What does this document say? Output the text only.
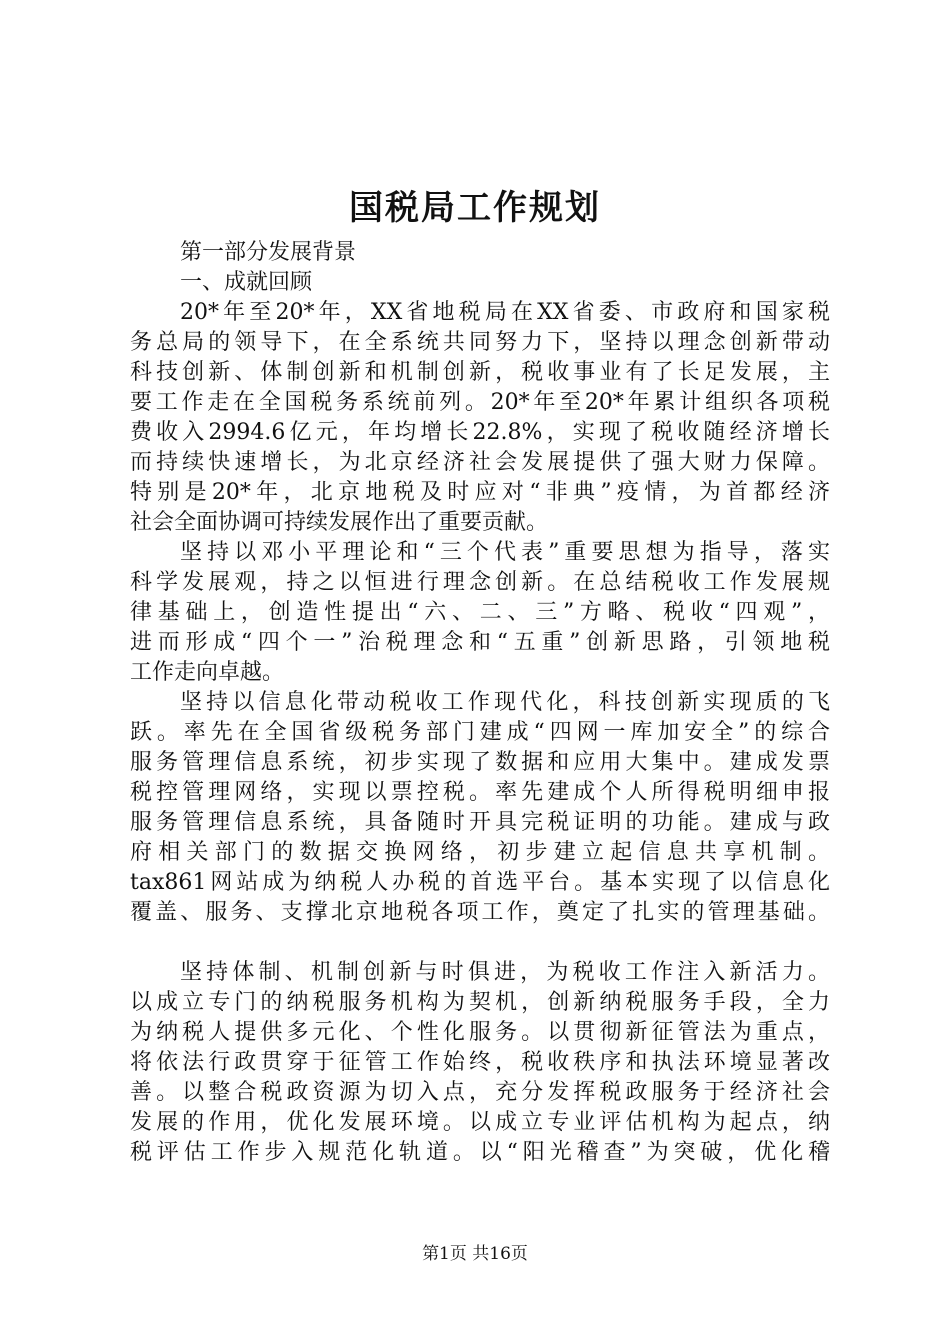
国税局工作规划
第一部分发展背景
一、成就回顾
20*年至20*年，XX省地税局在XX省委、市政府和国家税
务总局的领导下，在全系统共同努力下，坚持以理念创新带动
科技创新、体制创新和机制创新，税收事业有了长足发展，主
要工作走在全国税务系统前列。20*年至20*年累计组织各项税
费收入2994.6亿元，年均增长22.8%，实现了税收随经济增长
而持续快速增长，为北京经济社会发展提供了强大财力保障。
特别是20*年，北京地税及时应对“非典”疫情，为首都经济
社会全面协调可持续发展作出了重要贡献。
坚持以邓小平理论和“三个代表”重要思想为指导，落实
科学发展观，持之以恒进行理念创新。在总结税收工作发展规
律基础上，创造性提出“六、二、三”方略、税收“四观”，
进而形成“四个一”治税理念和“五重”创新思路，引领地税
工作走向卓越。
坚持以信息化带动税收工作现代化，科技创新实现质的飞
跃。率先在全国省级税务部门建成“四网一库加安全”的综合
服务管理信息系统，初步实现了数据和应用大集中。建成发票
税控管理网络，实现以票控税。率先建成个人所得税明细申报
服务管理信息系统，具备随时开具完税证明的功能。建成与政
府相关部门的数据交换网络，初步建立起信息共享机制。
tax861网站成为纳税人办税的首选平台。基本实现了以信息化
覆盖、服务、支撑北京地税各项工作，奠定了扎实的管理基础。
坚持体制、机制创新与时俱进，为税收工作注入新活力。
以成立专门的纳税服务机构为契机，创新纳税服务手段，全力
为纳税人提供多元化、个性化服务。以贯彻新征管法为重点，
将依法行政贯穿于征管工作始终，税收秩序和执法环境显著改
善。以整合税政资源为切入点，充分发挥税政服务于经济社会
发展的作用，优化发展环境。以成立专业评估机构为起点，纳
税评估工作步入规范化轨道。以“阳光稽查”为突破，优化稽
第1页 共16页
